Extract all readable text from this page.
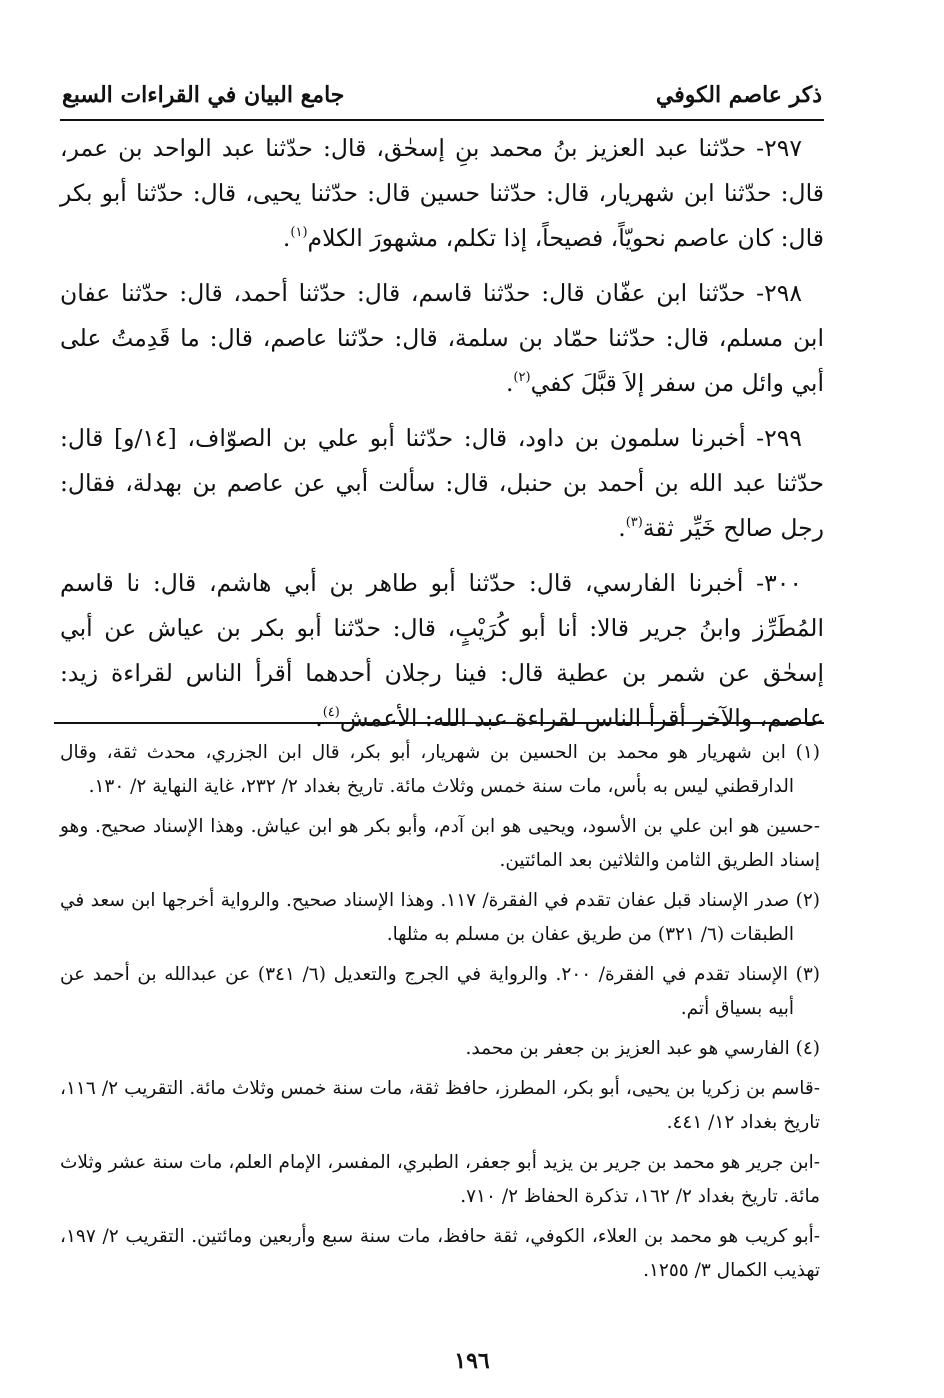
ذكر عاصم الكوفي
جامع البيان في القراءات السبع

٢٩٧- حدّثنا عبد العزيز بنُ محمد بنِ إسحٰق، قال: حدّثنا عبد الواحد بن عمر، قال: حدّثنا ابن شهريار، قال: حدّثنا حسين قال: حدّثنا يحيى، قال: حدّثنا أبو بكر قال: كان عاصم نحويّاً، فصيحاً، إذا تكلم، مشهورَ الكلام$^{(١)}$.

٢٩٨- حدّثنا ابن عفّان قال: حدّثنا قاسم، قال: حدّثنا أحمد، قال: حدّثنا عفان ابن مسلم، قال: حدّثنا حمّاد بن سلمة، قال: حدّثنا عاصم، قال: ما قَدِمتُ على أبي وائل من سفر إلاَ قبَّلَ كفي$^{(٢)}$.

٢٩٩- أخبرنا سلمون بن داود، قال: حدّثنا أبو علي بن الصوّاف، [١٤/و] قال: حدّثنا عبد الله بن أحمد بن حنبل، قال: سألت أبي عن عاصم بن بهدلة، فقال: رجل صالح خَيِّر ثقة$^{(٣)}$.

٣٠٠- أخبرنا الفارسي، قال: حدّثنا أبو طاهر بن أبي هاشم، قال: نا قاسم المُطَرِّز وابنُ جرير قالا: أنا أبو كُرَيْبٍ، قال: حدّثنا أبو بكر بن عياش عن أبي إسحٰق عن شمر بن عطية قال: فينا رجلان أحدهما أقرأ الناس لقراءة زيد: عاصم، والآخر أقرأ الناس لقراءة عبد الله: الأعمش$^{(٤)}$.

(١) ابن شهريار هو محمد بن الحسين بن شهريار، أبو بكر، قال ابن الجزري، محدث ثقة، وقال الدارقطني ليس به بأس، مات سنة خمس وثلاث مائة. تاريخ بغداد ٢/ ٢٣٢، غاية النهاية ٢/ ١٣٠.

-حسين هو ابن علي بن الأسود، ويحيى هو ابن آدم، وأبو بكر هو ابن عياش. وهذا الإسناد صحيح. وهو إسناد الطريق الثامن والثلاثين بعد المائتين.

(٢) صدر الإسناد قبل عفان تقدم في الفقرة/ ١١٧. وهذا الإسناد صحيح. والرواية أخرجها ابن سعد في الطبقات (٦/ ٣٢١) من طريق عفان بن مسلم به مثلها.

(٣) الإسناد تقدم في الفقرة/ ٢٠٠. والرواية في الجرج والتعديل (٦/ ٣٤١) عن عبدالله بن أحمد عن أبيه بسياق أتم.

(٤) الفارسي هو عبد العزيز بن جعفر بن محمد.

-قاسم بن زكريا بن يحيى، أبو بكر، المطرز، حافظ ثقة، مات سنة خمس وثلاث مائة. التقريب ٢/ ١١٦، تاريخ بغداد ١٢/ ٤٤١.

-ابن جرير هو محمد بن جرير بن يزيد أبو جعفر، الطبري، المفسر، الإمام العلم، مات سنة عشر وثلاث مائة. تاريخ بغداد ٢/ ١٦٢، تذكرة الحفاظ ٢/ ٧١٠.

-أبو كريب هو محمد بن العلاء، الكوفي، ثقة حافظ، مات سنة سبع وأربعين ومائتين. التقريب ٢/ ١٩٧، تهذيب الكمال ٣/ ١٢٥٥.

١٩٦
